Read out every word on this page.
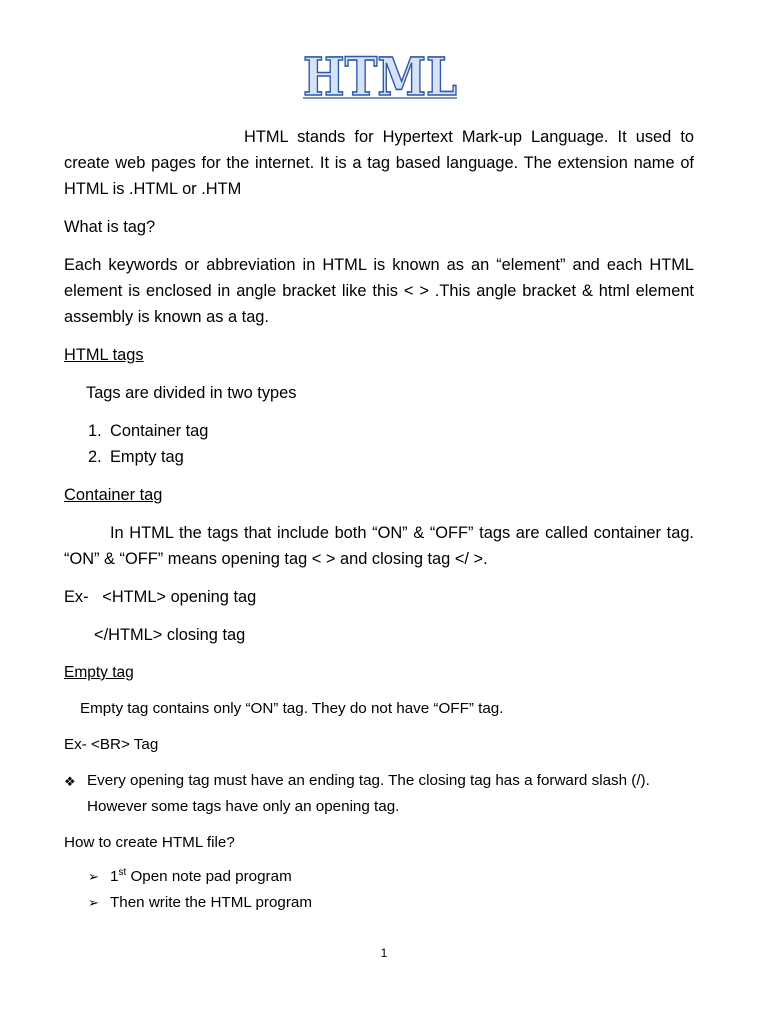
HTML

HTML stands for Hypertext Mark-up Language. It used to create web pages for the internet. It is a tag based language. The extension name of HTML is .HTML or .HTM

What is tag?

Each keywords or abbreviation in HTML is known as an “element” and each HTML element is enclosed in angle bracket like this < > .This angle bracket & html element assembly is known as a tag.

HTML tags

Tags are divided in two types

1. Container tag
2. Empty tag

Container tag

In HTML the tags that include both “ON” & “OFF” tags are called container tag. “ON” & “OFF” means opening tag < > and closing tag </ >.

Ex-   <HTML> opening tag

</HTML> closing tag

Empty tag

Empty tag contains only “ON” tag. They do not have “OFF” tag.

Ex- <BR> Tag

❖ Every opening tag must have an ending tag. The closing tag has a forward slash (/). However some tags have only an opening tag.

How to create HTML file?

➢ 1st Open note pad program
➢ Then write the HTML program
1
